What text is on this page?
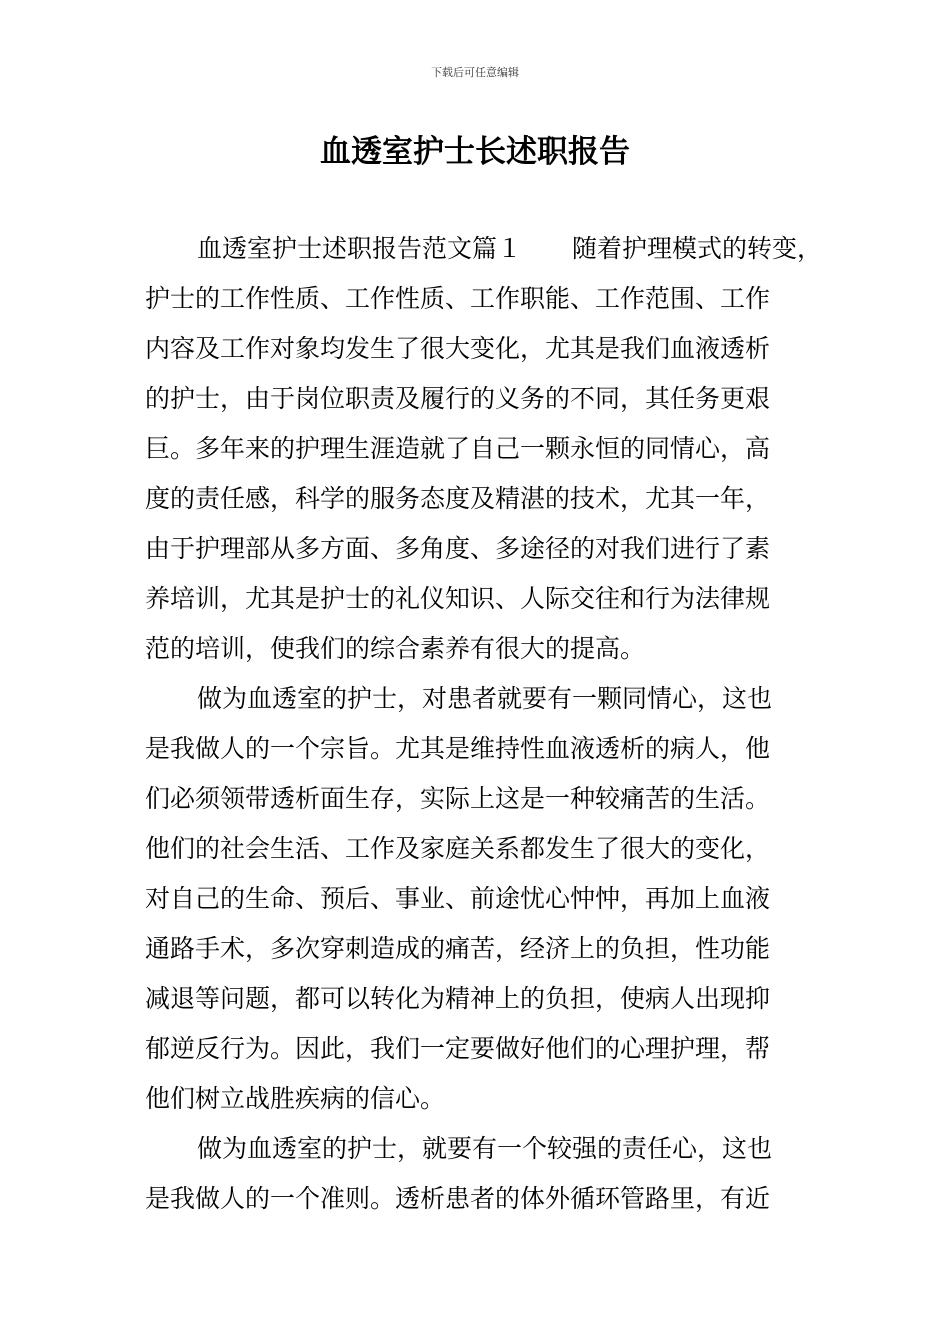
下载后可任意编辑
血透室护士长述职报告
血透室护士述职报告范文篇１　　随着护理模式的转变，
护士的工作性质、工作性质、工作职能、工作范围、工作
内容及工作对象均发生了很大变化，尤其是我们血液透析
的护士，由于岗位职责及履行的义务的不同，其任务更艰
巨。多年来的护理生涯造就了自己一颗永恒的同情心，高
度的责任感，科学的服务态度及精湛的技术，尤其一年，
由于护理部从多方面、多角度、多途径的对我们进行了素
养培训，尤其是护士的礼仪知识、人际交往和行为法律规
范的培训，使我们的综合素养有很大的提高。
做为血透室的护士，对患者就要有一颗同情心，这也
是我做人的一个宗旨。尤其是维持性血液透析的病人，他
们必须领带透析面生存，实际上这是一种较痛苦的生活。
他们的社会生活、工作及家庭关系都发生了很大的变化，
对自己的生命、预后、事业、前途忧心忡忡，再加上血液
通路手术，多次穿刺造成的痛苦，经济上的负担，性功能
减退等问题，都可以转化为精神上的负担，使病人出现抑
郁逆反行为。因此，我们一定要做好他们的心理护理，帮
他们树立战胜疾病的信心。
做为血透室的护士，就要有一个较强的责任心，这也
是我做人的一个准则。透析患者的体外循环管路里，有近
